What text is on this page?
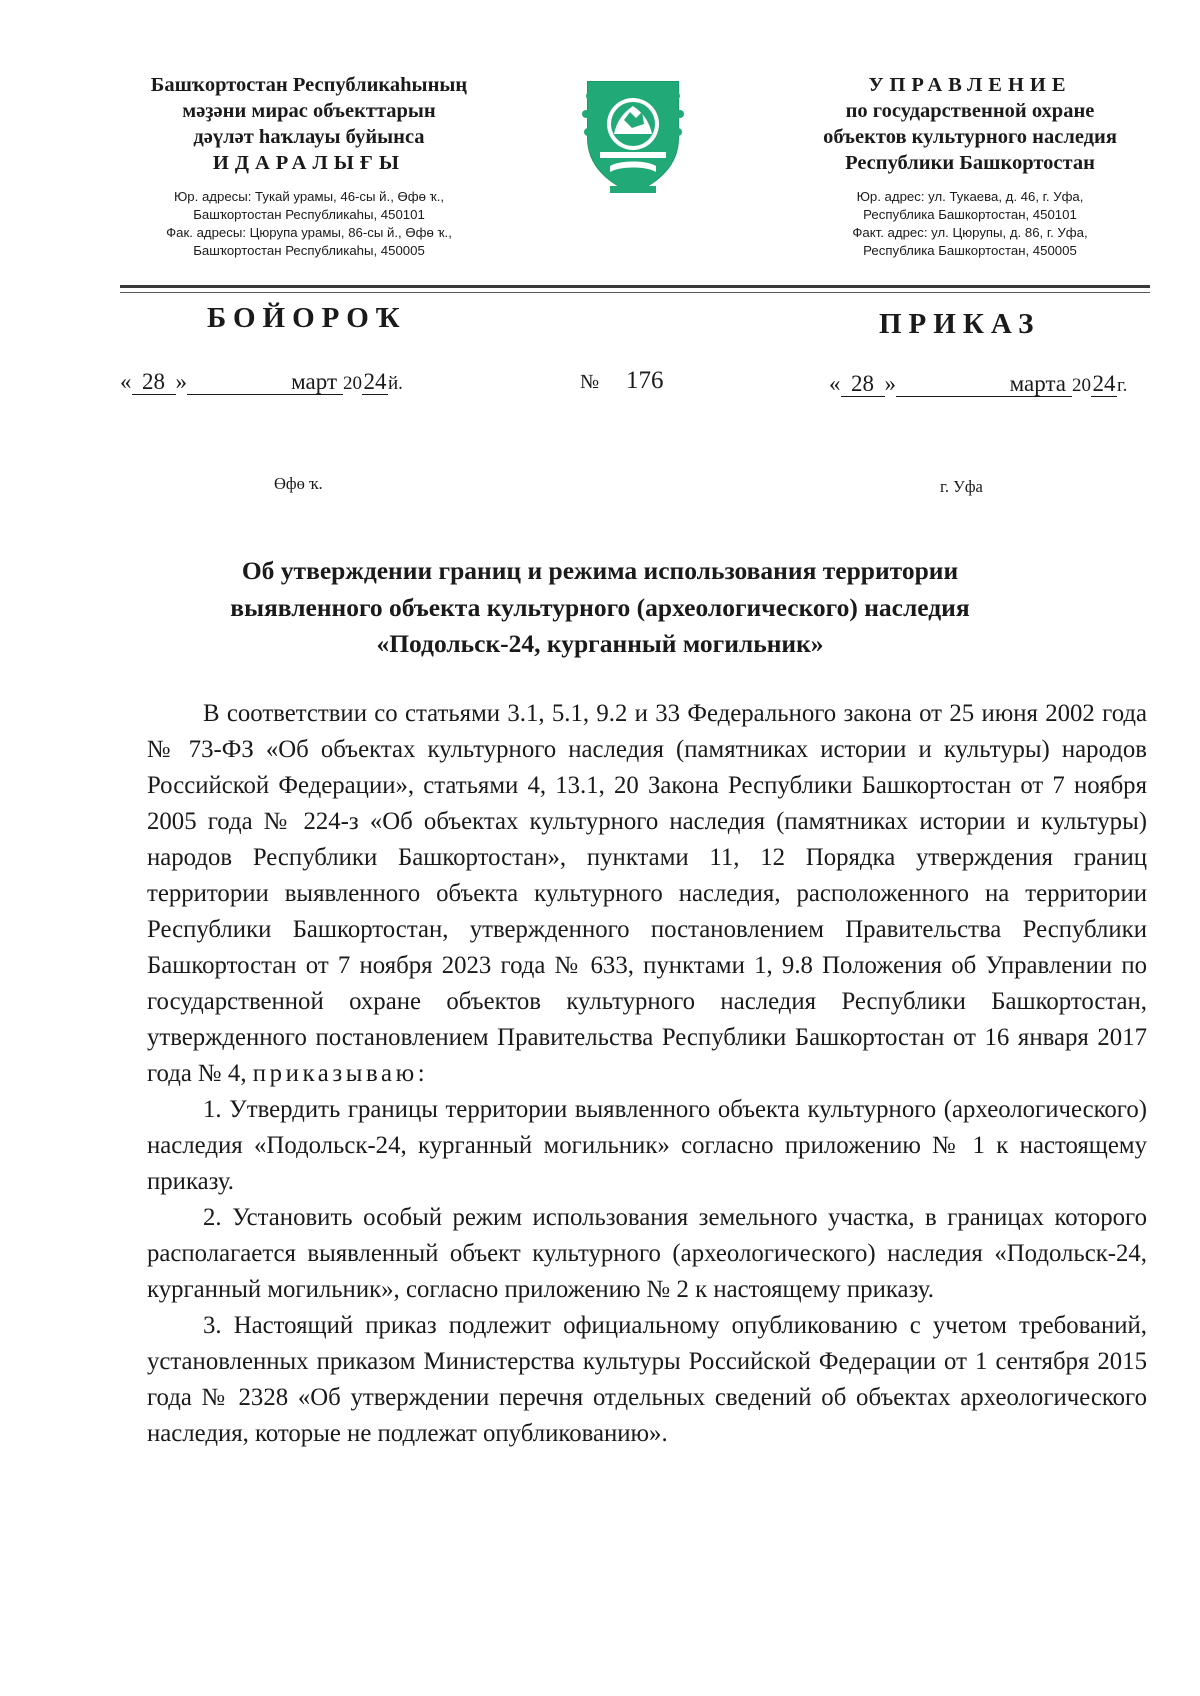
Башҡортостан Республикаһының
мәҙәни мирас объекттарын
дәүләт һаҡлауы буйынса
ИДАРАЛЫҒЫ
Юр. адресы: Тукай урамы, 46-сы й., Өфө ҡ.,
Башҡортостан Республикаһы, 450101
Фак. адресы: Цюрупа урамы, 86-сы й., Өфө ҡ.,
Башҡортостан Республикаһы, 450005
УПРАВЛЕНИЕ
по государственной охране
объектов культурного наследия
Республики Башкортостан
Юр. адрес: ул. Тукаева, д. 46, г. Уфа,
Республика Башкортостан, 450101
Факт. адрес: ул. Цюрупы, д. 86, г. Уфа,
Республика Башкортостан, 450005
БОЙОРОҠ	ПРИКАЗ
« 28 »	март 2024й.	№ 176	« 28 »	марта 2024г.
Өфө ҡ.	г. Уфа
Об утверждении границ и режима использования территории
выявленного объекта культурного (археологического) наследия
«Подольск-24, курганный могильник»

В соответствии со статьями 3.1, 5.1, 9.2 и 33 Федерального закона от 25 июня 2002 года № 73-ФЗ «Об объектах культурного наследия (памятниках истории и культуры) народов Российской Федерации», статьями 4, 13.1, 20 Закона Республики Башкортостан от 7 ноября 2005 года № 224-з «Об объектах культурного наследия (памятниках истории и культуры) народов Республики Башкортостан», пунктами 11, 12 Порядка утверждения границ территории выявленного объекта культурного наследия, расположенного на территории Республики Башкортостан, утвержденного постановлением Правительства Республики Башкортостан от 7 ноября 2023 года № 633, пунктами 1, 9.8 Положения об Управлении по государственной охране объектов культурного наследия Республики Башкортостан, утвержденного постановлением Правительства Республики Башкортостан от 16 января 2017 года № 4, приказываю:

1. Утвердить границы территории выявленного объекта культурного (археологического) наследия «Подольск-24, курганный могильник» согласно приложению № 1 к настоящему приказу.

2. Установить особый режим использования земельного участка, в границах которого располагается выявленный объект культурного (археологического) наследия «Подольск-24, курганный могильник», согласно приложению № 2 к настоящему приказу.

3. Настоящий приказ подлежит официальному опубликованию с учетом требований, установленных приказом Министерства культуры Российской Федерации от 1 сентября 2015 года № 2328 «Об утверждении перечня отдельных сведений об объектах археологического наследия, которые не подлежат опубликованию».
